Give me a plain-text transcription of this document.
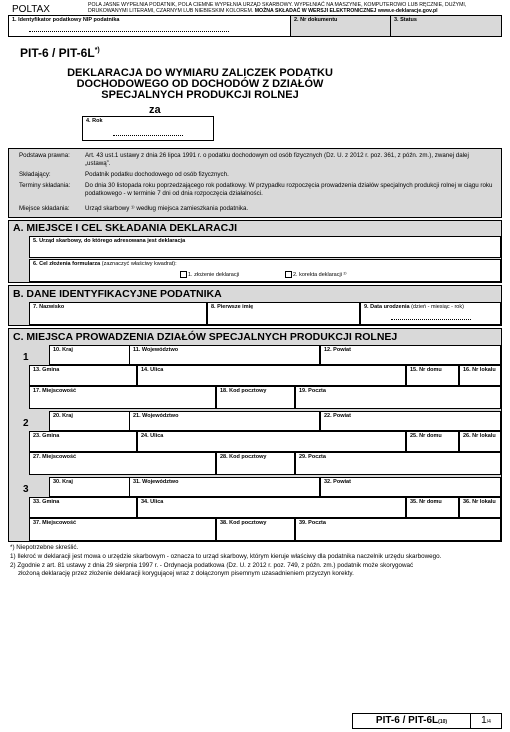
POLTAX	POLA JASNE WYPEŁNIA PODATNIK, POLA CIEMNE WYPEŁNIA URZĄD SKARBOWY. WYPEŁNIAĆ NA MASZYNIE, KOMPUTEROWO LUB RĘCZNIE, DUŻYMI,
DRUKOWANYMI LITERAMI, CZARNYM LUB NIEBIESKIM KOLOREM. MOŻNA SKŁADAĆ W WERSJI ELEKTRONICZNEJ www.e-deklaracje.gov.pl
1. Identyfikator podatkowy NIP podatnika	2. Nr dokumentu	3. Status
PIT-6 / PIT-6L*)
DEKLARACJA DO WYMIARU ZALICZEK PODATKU
DOCHODOWEGO OD DOCHODÓW Z DZIAŁÓW
SPECJALNYCH PRODUKCJI ROLNEJ
za
4. Rok
Podstawa prawna: Art. 43 ust.1 ustawy z dnia 26 lipca 1991 r. o podatku dochodowym od osób fizycznych (Dz. U. z 2012 r. poz. 361, z późn. zm.), zwanej dalej „ustawą”.
Składający:	Podatnik podatku dochodowego od osób fizycznych.
Terminy składania: Do dnia 30 listopada roku poprzedzającego rok podatkowy. W przypadku rozpoczęcia prowadzenia działów specjalnych produkcji rolnej w ciągu roku podatkowego - w terminie 7 dni od dnia rozpoczęcia działalności.
Miejsce składania: Urząd skarbowy ¹⁾ według miejsca zamieszkania podatnika.
A. MIEJSCE I CEL SKŁADANIA DEKLARACJI
5. Urząd skarbowy, do którego adresowana jest deklaracja
6. Cel złożenia formularza (zaznaczyć właściwy kwadrat):
1. złożenie deklaracji	2. korekta deklaracji ²⁾
B. DANE IDENTYFIKACYJNE PODATNIKA
7. Nazwisko	8. Pierwsze imię	9. Data urodzenia (dzień - miesiąc - rok)
C. MIEJSCA PROWADZENIA DZIAŁÓW SPECJALNYCH PRODUKCJI ROLNEJ
1
10. Kraj	11. Województwo	12. Powiat
13. Gmina	14. Ulica	15. Nr domu	16. Nr lokalu
17. Miejscowość	18. Kod pocztowy	19. Poczta
2
20. Kraj	21. Województwo	22. Powiat
23. Gmina	24. Ulica	25. Nr domu	26. Nr lokalu
27. Miejscowość	28. Kod pocztowy	29. Poczta
3
30. Kraj	31. Województwo	32. Powiat
33. Gmina	34. Ulica	35. Nr domu	36. Nr lokalu
37. Miejscowość	38. Kod pocztowy	39. Poczta
*) Niepotrzebne skreślić.
1) Ilekroć w deklaracji jest mowa o urzędzie skarbowym - oznacza to urząd skarbowy, którym kieruje właściwy dla podatnika naczelnik urzędu skarbowego.
2) Zgodnie z art. 81 ustawy z dnia 29 sierpnia 1997 r. - Ordynacja podatkowa (Dz. U. z 2012 r. poz. 749, z późn. zm.) podatnik może skorygować
złożoną deklarację przez złożenie deklaracji korygującej wraz z dołączonym pisemnym uzasadnieniem przyczyn korekty.
PIT-6 / PIT-6L(10)	1/4
